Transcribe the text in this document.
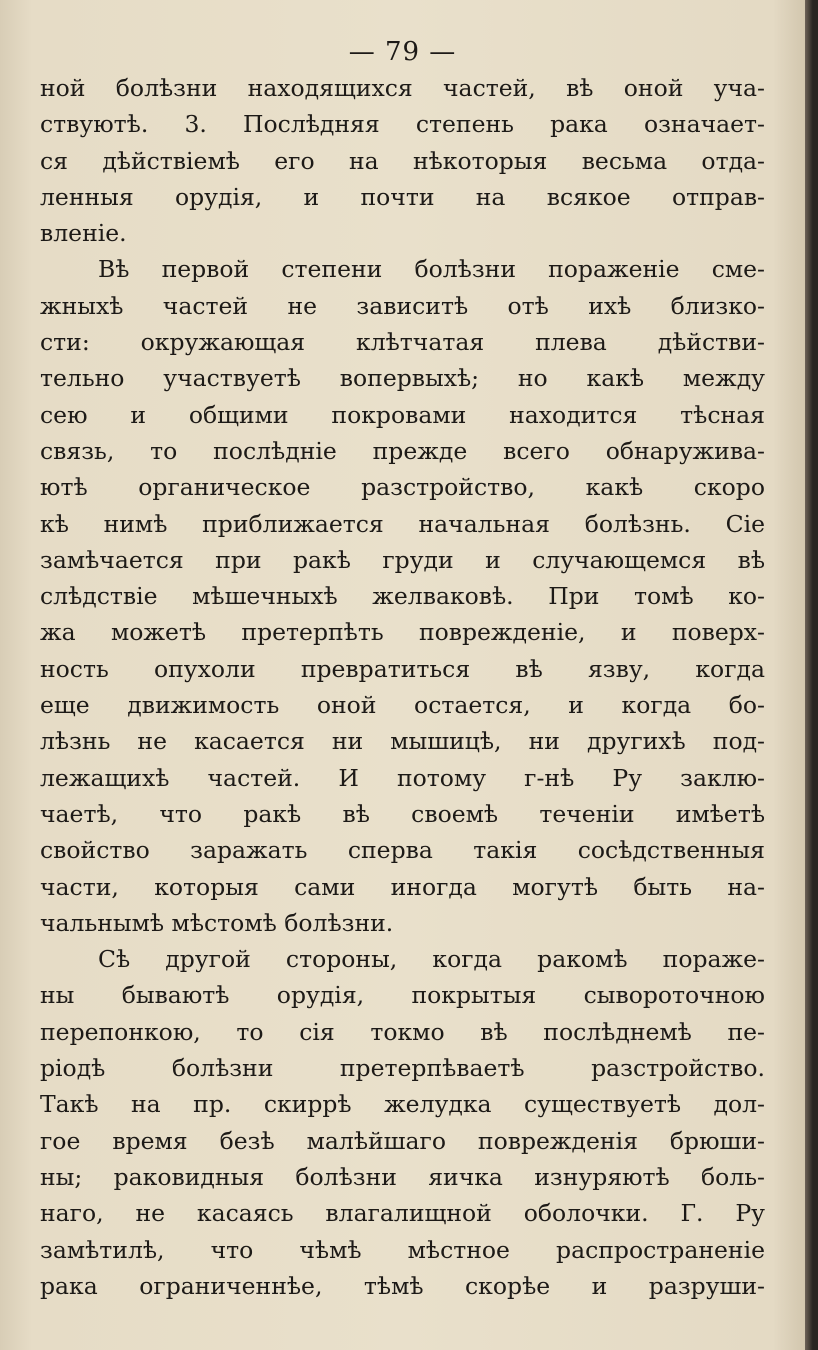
— 79 —
ной болѣзни находящихся частей, вѣ оной уча-
ствуютѣ. 3. Послѣдняя степень рака означает-
ся дѣйствіемѣ его на нѣкоторыя весьма отда-
ленныя орудія, и почти на всякое отправ-
вленіе.
Вѣ первой степени болѣзни пораженіе сме-
жныхѣ частей не зависитѣ отѣ ихѣ близко-
сти: окружающая клѣтчатая плева дѣйстви-
тельно участвуетѣ вопервыхѣ; но какѣ между
сею и общими покровами находится тѣсная
связь, то послѣдніе прежде всего обнаружива-
ютѣ органическое разстройство, какѣ скоро
кѣ нимѣ приближается начальная болѣзнь. Сіе
замѣчается при ракѣ груди и случающемся вѣ
слѣдствіе мѣшечныхѣ желваковѣ. При томѣ ко-
жа можетѣ претерпѣть поврежденіе, и поверх-
ность опухоли превратиться вѣ язву, когда
еще движимость оной остается, и когда бо-
лѣзнь не касается ни мышицѣ, ни другихѣ под-
лежащихѣ частей. И потому г-нѣ Ру заклю-
чаетѣ, что ракѣ вѣ своемѣ теченіи имѣетѣ
свойство заражать сперва такія сосѣдственныя
части, которыя сами иногда могутѣ быть на-
чальнымѣ мѣстомѣ болѣзни.
Сѣ другой стороны, когда ракомѣ пораже-
ны бываютѣ орудія, покрытыя сывороточною
перепонкою, то сія токмо вѣ послѣднемѣ пе-
ріодѣ болѣзни претерпѣваетѣ разстройство.
Такѣ на пр. скиррѣ желудка существуетѣ дол-
гое время безѣ малѣйшаго поврежденія брюши-
ны; раковидныя болѣзни яичка изнуряютѣ боль-
наго, не касаясь влагалищной оболочки. Г. Ру
замѣтилѣ, что чѣмѣ мѣстное распространеніе
рака ограниченнѣе, тѣмѣ скорѣе и разруши-
